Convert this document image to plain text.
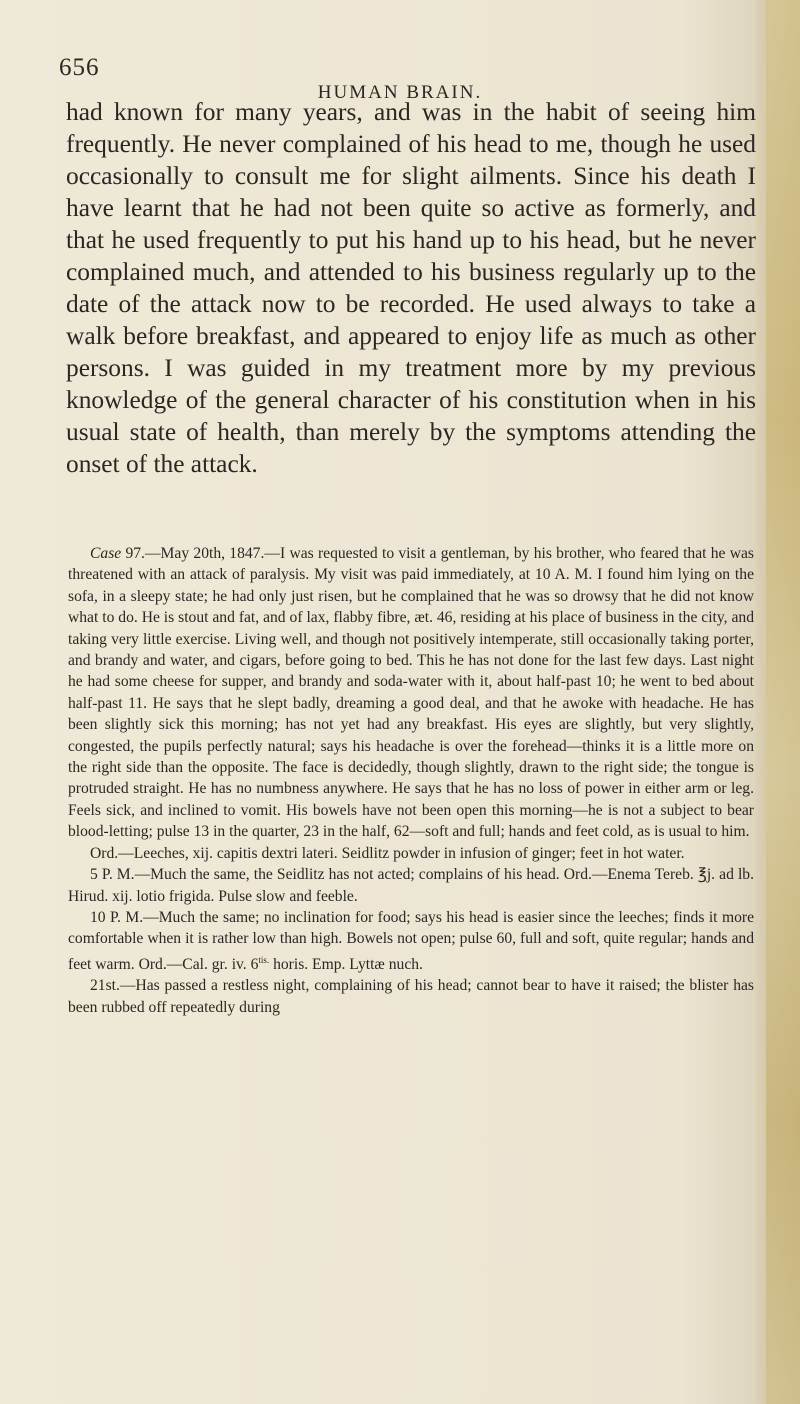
656
HUMAN BRAIN.

had known for many years, and was in the habit of seeing him frequently. He never complained of his head to me, though he used occasionally to consult me for slight ailments. Since his death I have learnt that he had not been quite so active as formerly, and that he used frequently to put his hand up to his head, but he never complained much, and attended to his business regularly up to the date of the attack now to be recorded. He used always to take a walk before breakfast, and appeared to enjoy life as much as other persons. I was guided in my treatment more by my previous knowledge of the general character of his constitution when in his usual state of health, than merely by the symptoms attending the onset of the attack.

Case 97.—May 20th, 1847.—I was requested to visit a gentleman, by his brother, who feared that he was threatened with an attack of paralysis. My visit was paid immediately, at 10 A. M. I found him lying on the sofa, in a sleepy state; he had only just risen, but he complained that he was so drowsy that he did not know what to do. He is stout and fat, and of lax, flabby fibre, æt. 46, residing at his place of business in the city, and taking very little exercise. Living well, and though not positively intemperate, still occasionally taking porter, and brandy and water, and cigars, before going to bed. This he has not done for the last few days. Last night he had some cheese for supper, and brandy and soda-water with it, about half-past 10; he went to bed about half-past 11. He says that he slept badly, dreaming a good deal, and that he awoke with headache. He has been slightly sick this morning; has not yet had any breakfast. His eyes are slightly, but very slightly, congested, the pupils perfectly natural; says his headache is over the forehead—thinks it is a little more on the right side than the opposite. The face is decidedly, though slightly, drawn to the right side; the tongue is protruded straight. He has no numbness anywhere. He says that he has no loss of power in either arm or leg. Feels sick, and inclined to vomit. His bowels have not been open this morning—he is not a subject to bear blood-letting; pulse 13 in the quarter, 23 in the half, 62—soft and full; hands and feet cold, as is usual to him.

Ord.—Leeches, xij. capitis dextri lateri. Seidlitz powder in infusion of ginger; feet in hot water.

5 P. M.—Much the same, the Seidlitz has not acted; complains of his head. Ord.—Enema Tereb. ℥j. ad lb. Hirud. xij. lotio frigida. Pulse slow and feeble.

10 P. M.—Much the same; no inclination for food; says his head is easier since the leeches; finds it more comfortable when it is rather low than high. Bowels not open; pulse 60, full and soft, quite regular; hands and feet warm. Ord.—Cal. gr. iv. $6^{tis.}$ horis. Emp. Lyttæ nuch.

21st.—Has passed a restless night, complaining of his head; cannot bear to have it raised; the blister has been rubbed off repeatedly during
